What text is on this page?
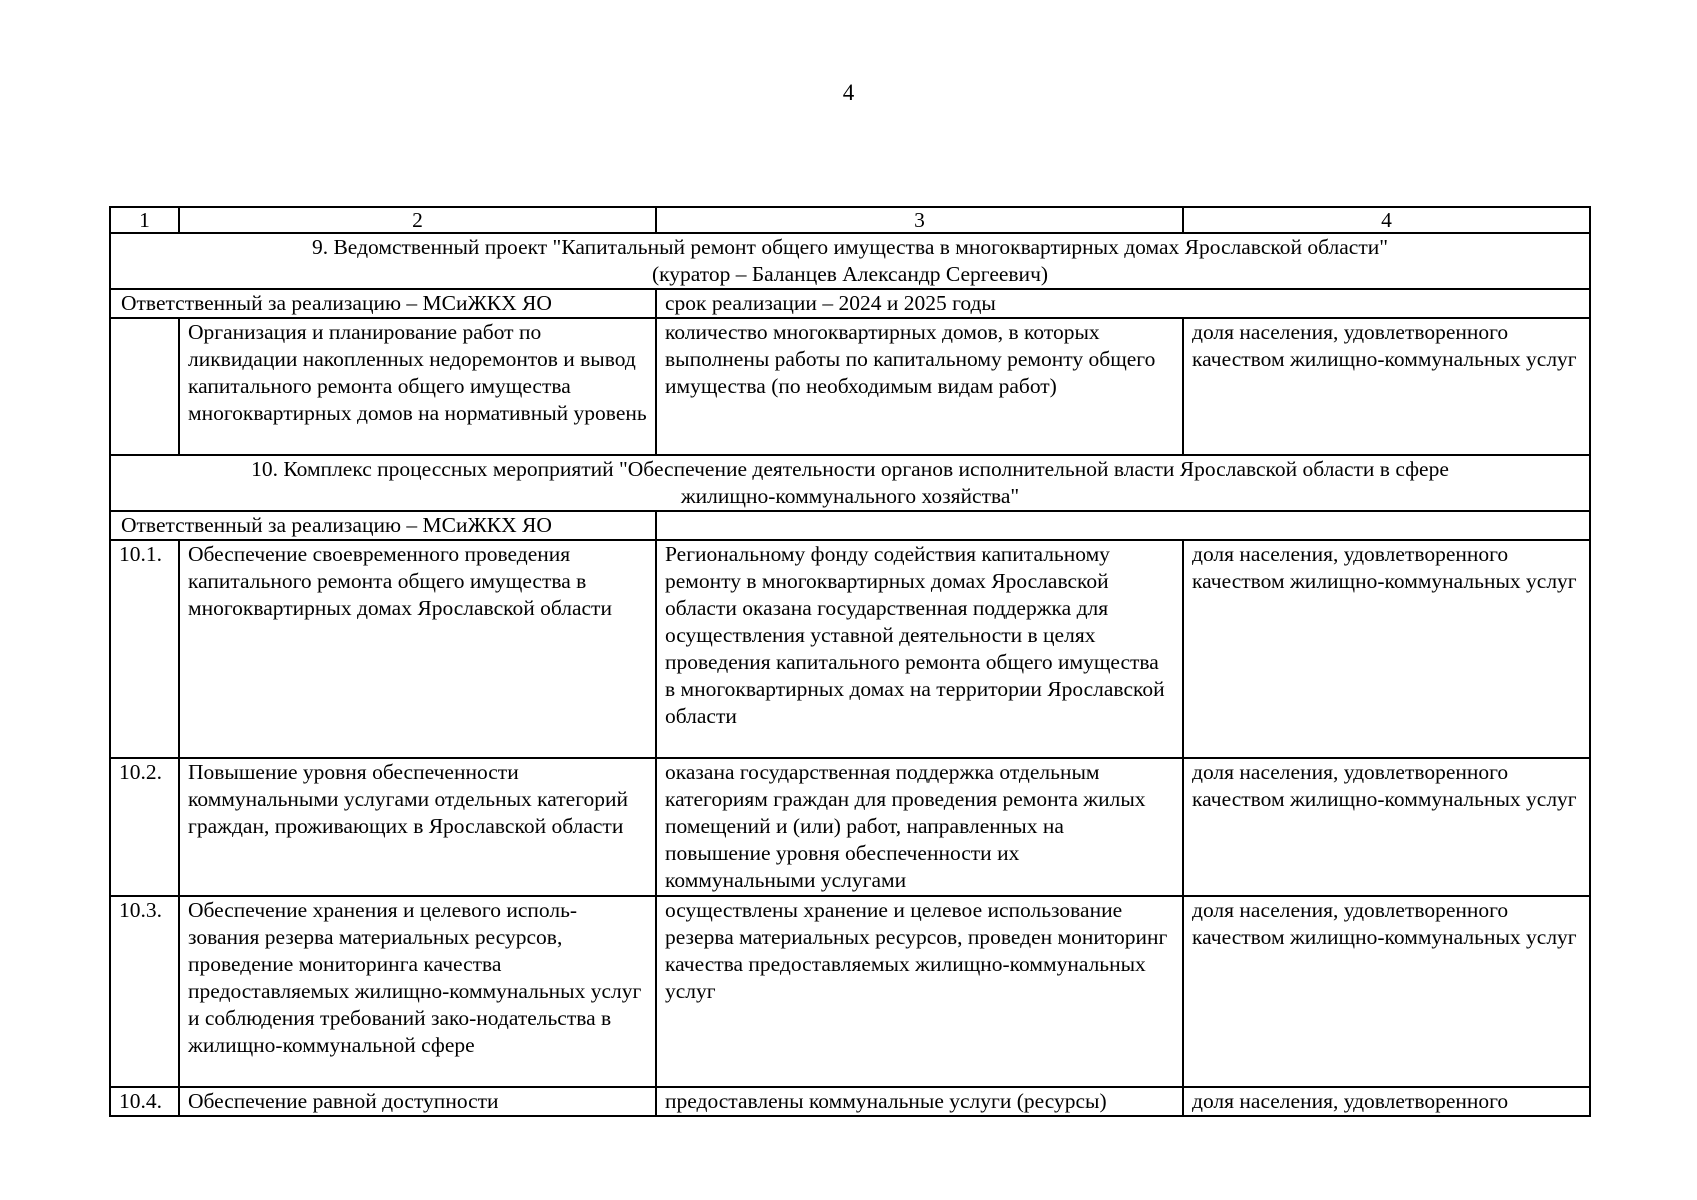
4
1	2	3	4

9. Ведомственный проект "Капитальный ремонт общего имущества в многоквартирных домах Ярославской области"
(куратор – Баланцев Александр Сергеевич)			

Ответственный за реализацию – МСиЖКХ ЯО		срок реализации – 2024 и 2025 годы	
	Организация и планирование работ по ликвидации накопленных недоремонтов и вывод капитального ремонта общего имущества многоквартирных домов на нормативный уровень	количество многоквартирных домов, в которых выполнены работы по капитальному ремонту общего имущества (по необходимым видам работ)	доля населения, удовлетворенного качеством жилищно-коммунальных услуг

10. Комплекс процессных мероприятий "Обеспечение деятельности органов исполнительной власти Ярославской области в сфере
жилищно-коммунального хозяйства"			

Ответственный за реализацию – МСиЖКХ ЯО			
10.1.	Обеспечение своевременного проведения капитального ремонта общего имущества в многоквартирных домах Ярославской области	Региональному фонду содействия капитальному ремонту в многоквартирных домах Ярославской области оказана государственная поддержка для осуществления уставной деятельности в целях проведения капитального ремонта общего имущества в многоквартирных домах на территории Ярославской области	доля населения, удовлетворенного качеством жилищно-коммунальных услуг
10.2.	Повышение уровня обеспеченности коммунальными услугами отдельных категорий граждан, проживающих в Ярославской области	оказана государственная поддержка отдельным категориям граждан для проведения ремонта жилых помещений и (или) работ, направленных на повышение уровня обеспеченности их коммунальными услугами	доля населения, удовлетворенного качеством жилищно-коммунальных услуг
10.3.	Обеспечение хранения и целевого исполь-зования резерва материальных ресурсов, проведение мониторинга качества предоставляемых жилищно-коммунальных услуг и соблюдения требований зако-нодательства в жилищно-коммунальной сфере	осуществлены хранение и целевое использование резерва материальных ресурсов, проведен мониторинг качества предоставляемых жилищно-коммунальных услуг	доля населения, удовлетворенного качеством жилищно-коммунальных услуг
10.4.	Обеспечение равной доступности	предоставлены коммунальные услуги (ресурсы)	доля населения, удовлетворенного
